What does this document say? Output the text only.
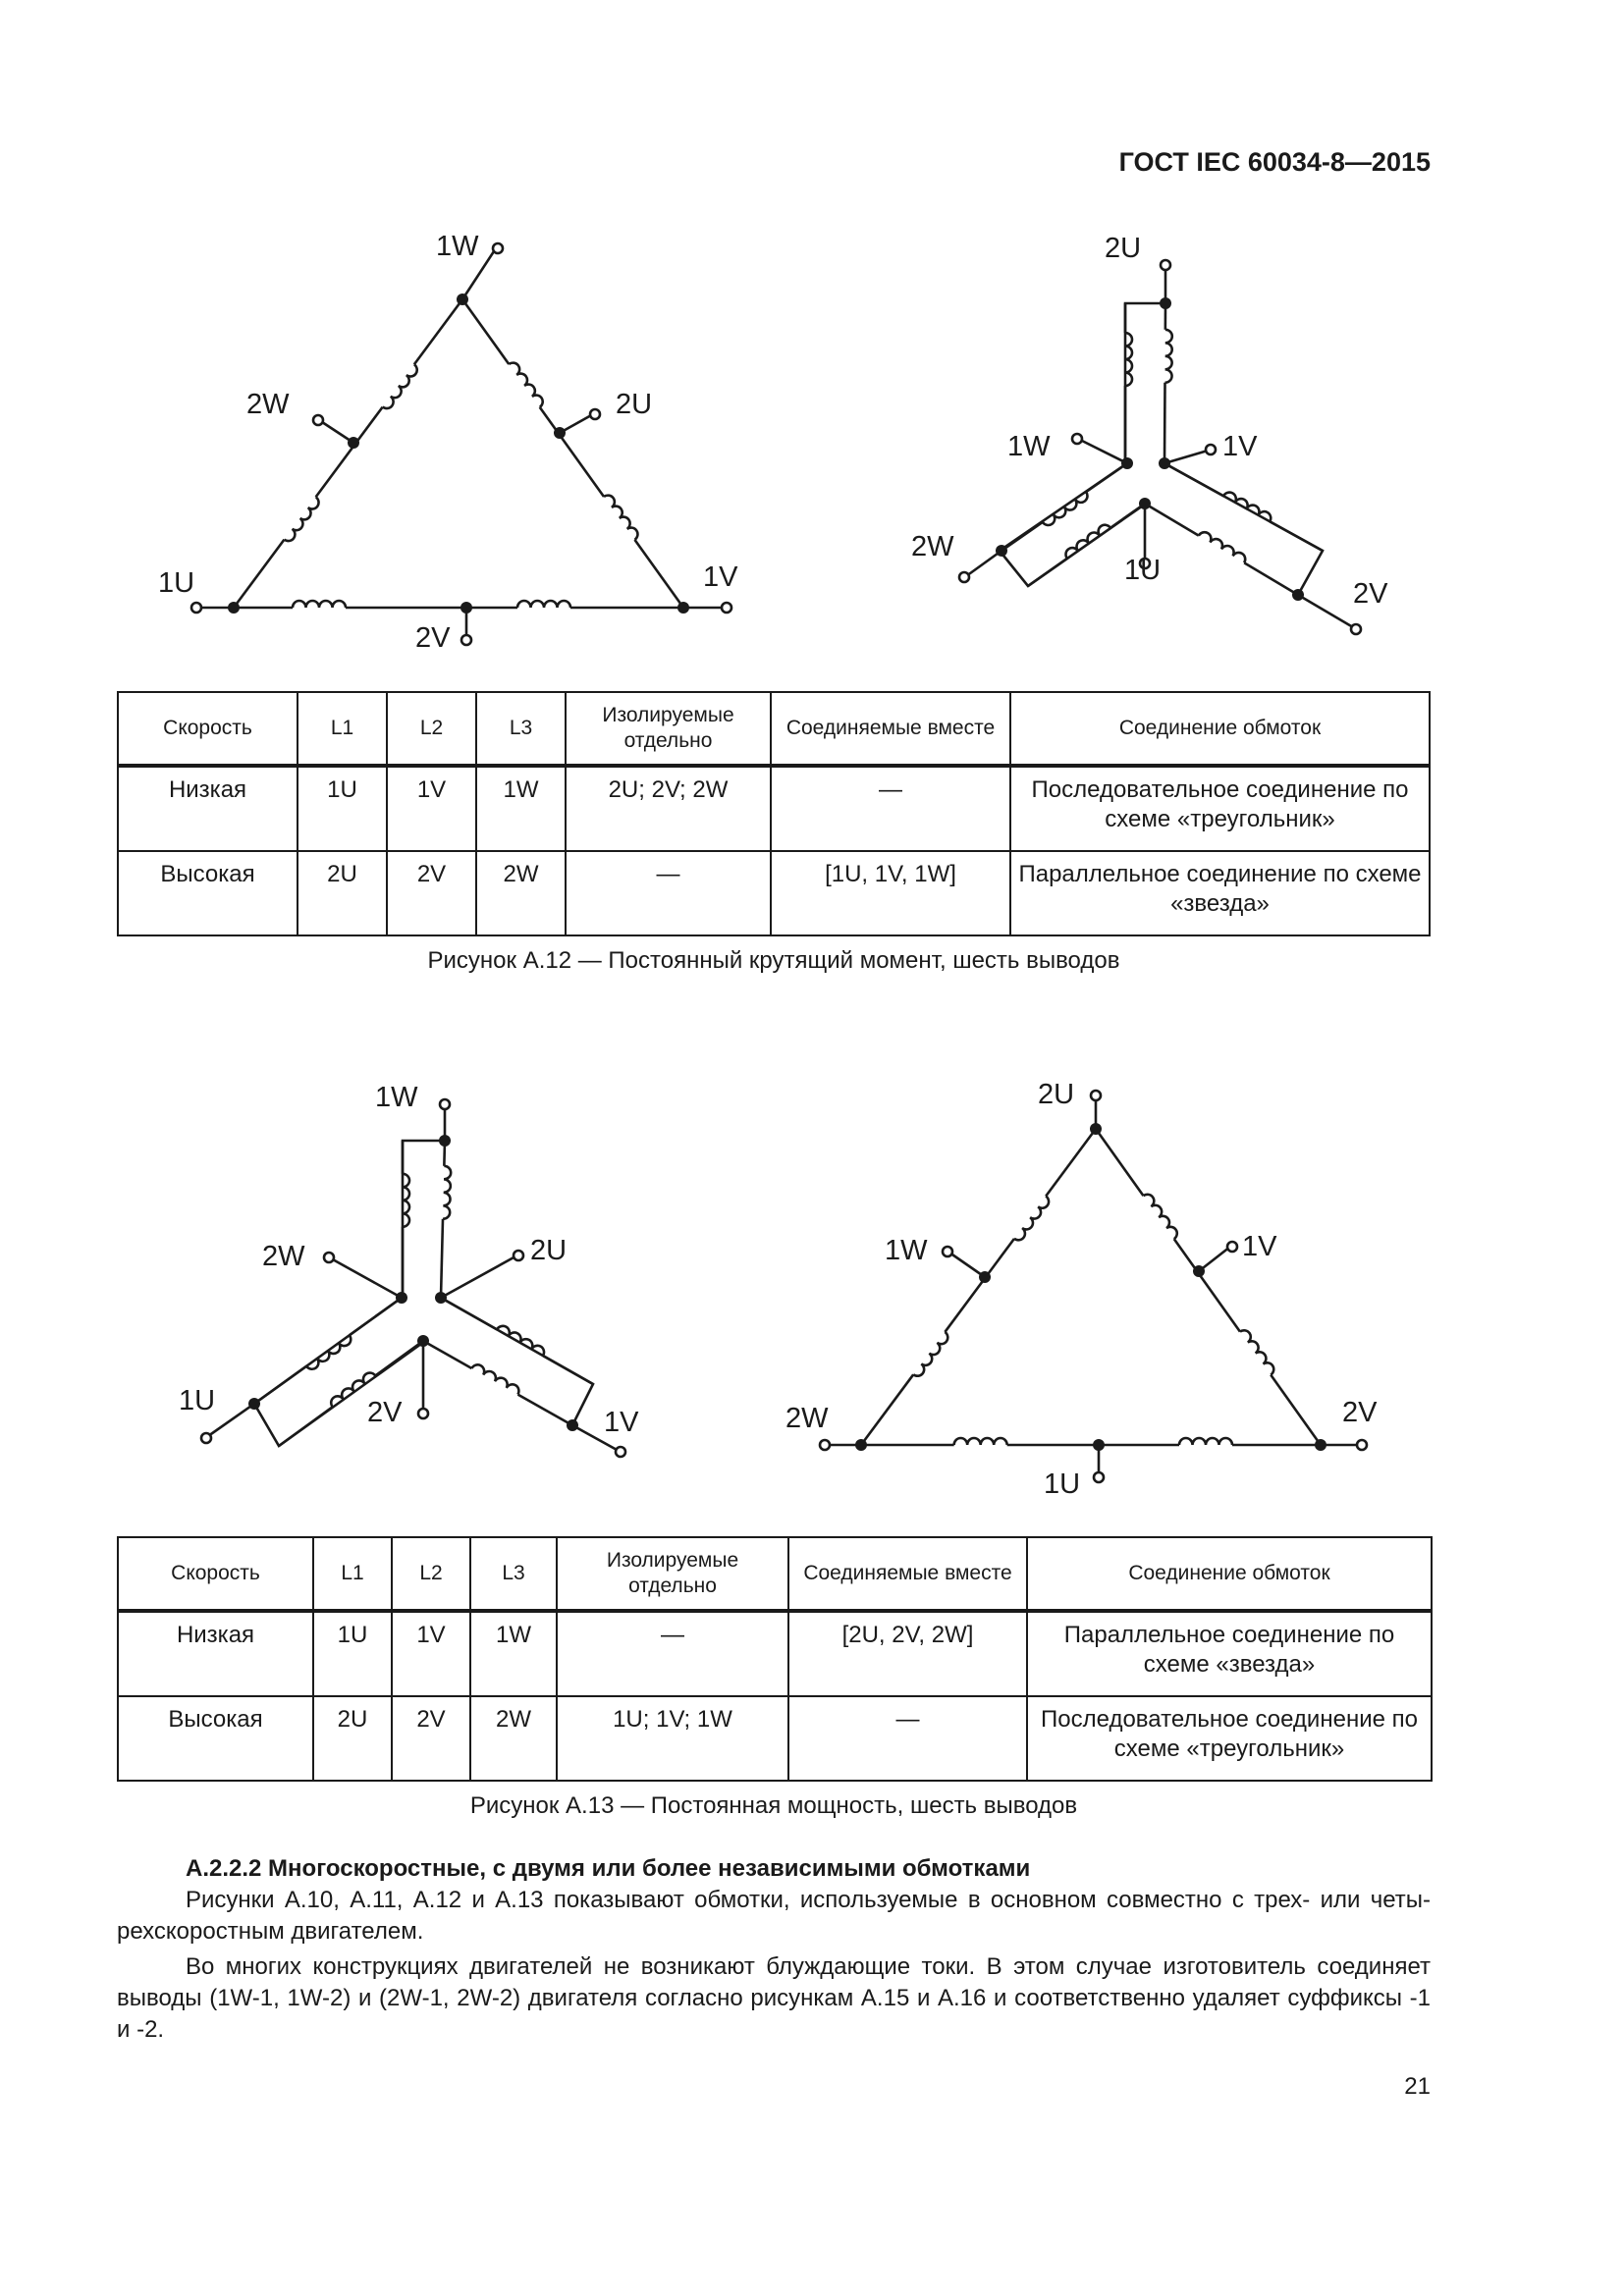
ГОСТ IEC 60034-8—2015
1W
2W	2U
1U	1V
2V
2U
1W	1V
2W
2V
1U
1W
2W	2U
1U
1V
2V
2U
1W	1V
2W	2V
1U
Скорость	L1	L2	L3	Изолируемые отдельно	Соединяемые вместе	Соединение обмоток
Низкая	1U	1V	1W	2U; 2V; 2W	—	Последовательное соединение по схеме «треугольник»
Высокая	2U	2V	2W	—	[1U, 1V, 1W]	Параллельное соединение по схеме «звезда»
Рисунок А.12 — Постоянный крутящий момент, шесть выводов
Скорость	L1	L2	L3	Изолируемые отдельно	Соединяемые вместе	Соединение обмоток
Низкая	1U	1V	1W	—	[2U, 2V, 2W]	Параллельное соединение по схеме «звезда»
Высокая	2U	2V	2W	1U; 1V; 1W	—	Последовательное соединение по схеме «треугольник»
Рисунок А.13 — Постоянная мощность, шесть выводов
А.2.2.2 Многоскоростные, с двумя или более независимыми обмотками
Рисунки А.10, А.11, А.12 и А.13 показывают обмотки, используемые в основном совместно с трех- или четы-рехскоростным двигателем.
Во многих конструкциях двигателей не возникают блуждающие токи. В этом случае изготовитель соединяет выводы (1W-1, 1W-2) и (2W-1, 2W-2) двигателя согласно рисункам А.15 и А.16 и соответственно удаляет суффиксы -1 и -2.
21
